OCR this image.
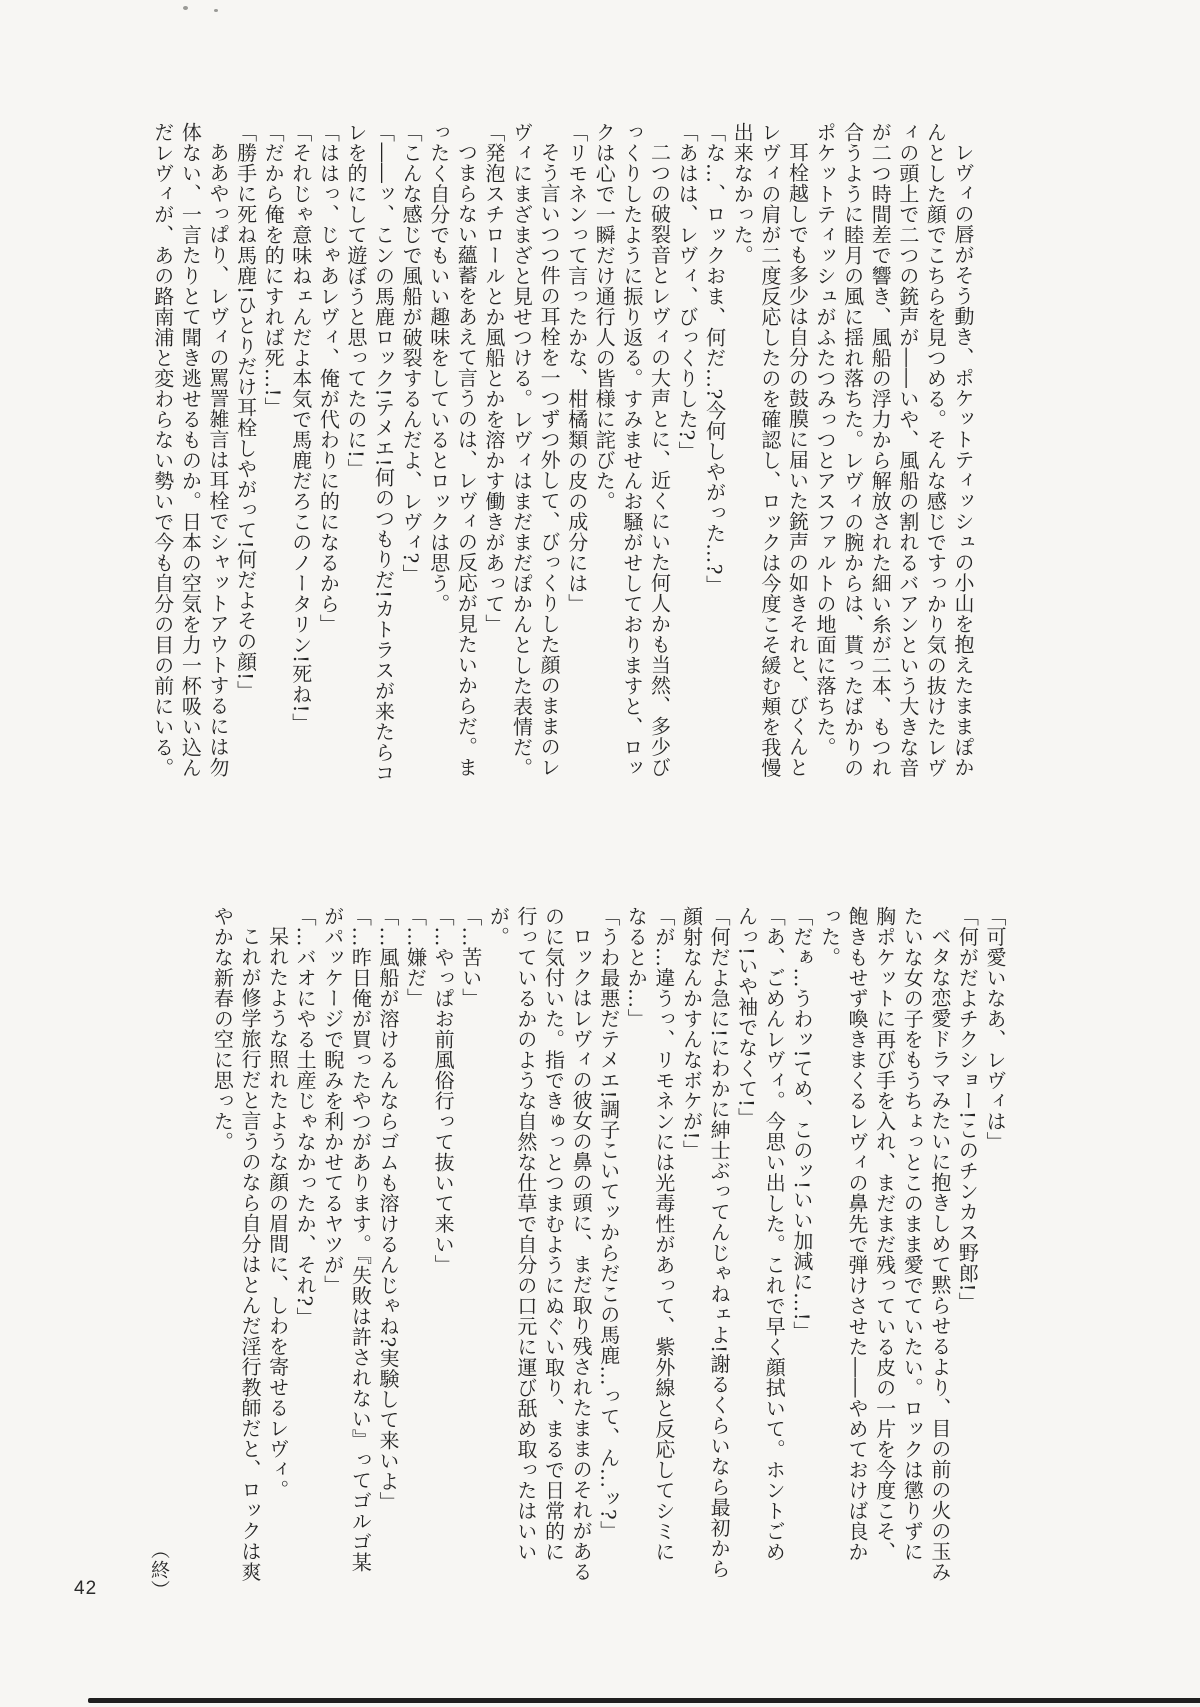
レヴィの唇がそう動き、ポケットティッシュの小山を抱えたままぽかんとした顔でこちらを見つめる。そんな感じですっかり気の抜けたレヴィの頭上で二つの銃声が――いや、風船の割れるバアンという大きな音が二つ時間差で響き、風船の浮力から解放された細い糸が二本、もつれ合うように睦月の風に揺れ落ちた。レヴィの腕からは、貰ったばかりのポケットティッシュがふたつみっつとアスファルトの地面に落ちた。

耳栓越しでも多少は自分の鼓膜に届いた銃声の如きそれと、びくんとレヴィの肩が二度反応したのを確認し、ロックは今度こそ緩む頬を我慢出来なかった。

「な…、ロックおま、何だ…?今何しやがった…?」

「あはは、レヴィ、びっくりした?」

二つの破裂音とレヴィの大声とに、近くにいた何人かも当然、多少びっくりしたように振り返る。すみませんお騒がせしておりますと、ロックは心で一瞬だけ通行人の皆様に詫びた。

「リモネンって言ったかな、柑橘類の皮の成分には」

そう言いつつ件の耳栓を一つずつ外して、びっくりした顔のままのレヴィにまざまざと見せつける。レヴィはまだまだぽかんとした表情だ。

「発泡スチロールとか風船とかを溶かす働きがあって」

つまらない蘊蓄をあえて言うのは、レヴィの反応が見たいからだ。まったく自分でもいい趣味をしているとロックは思う。

「こんな感じで風船が破裂するんだよ、レヴィ?」

「――ッ、こンの馬鹿ロック!テメエ!何のつもりだ!カトラスが来たらコレを的にして遊ぼうと思ってたのに!」

「ははっ、じゃあレヴィ、俺が代わりに的になるから」

「それじゃ意味ねェんだよ本気で馬鹿だろこのノータリン!死ね!」

「だから俺を的にすれば死…!」

「勝手に死ね馬鹿!ひとりだけ耳栓しやがって!何だよその顔!」

ああやっぱり、レヴィの罵詈雑言は耳栓でシャットアウトするには勿体ない、一言たりとて聞き逃せるものか。日本の空気を力一杯吸い込んだレヴィが、あの路南浦と変わらない勢いで今も自分の目の前にいる。

「可愛いなあ、レヴィは」

「何がだよチクショー!このチンカス野郎!」

ベタな恋愛ドラマみたいに抱きしめて黙らせるより、目の前の火の玉みたいな女の子をもうちょっとこのまま愛でていたい。ロックは懲りずに胸ポケットに再び手を入れ、まだまだ残っている皮の一片を今度こそ、飽きもせず喚きまくるレヴィの鼻先で弾けさせた――やめておけば良かった。

「だぁ…うわッ!てめ、このッ!いい加減に…!」

「あ、ごめんレヴィ。今思い出した。これで早く顔拭いて。ホントごめんっ!いや袖でなくて!」

「何だよ急に!にわかに紳士ぶってんじゃねェよ!謝るくらいなら最初から顔射なんかすんなボケが!」

「が…違うっ、リモネンには光毒性があって、紫外線と反応してシミになるとか…」

「うわ最悪だテメエ!調子こいてッからだこの馬鹿…って、ん…ッ?」

ロックはレヴィの彼女の鼻の頭に、まだ取り残されたままのそれがあるのに気付いた。指できゅっとつまむようにぬぐい取り、まるで日常的に行っているかのような自然な仕草で自分の口元に運び舐め取ったはいいが。

「…苦い」

「…やっぱお前風俗行って抜いて来い」

「…嫌だ」

「…風船が溶けるんならゴムも溶けるんじゃね?実験して来いよ」

「…昨日俺が買ったやつがあります。『失敗は許されない』ってゴルゴ某がパッケージで睨みを利かせてるヤツが」

「…バオにやる土産じゃなかったか、それ?」

呆れたような照れたような顔の眉間に、しわを寄せるレヴィ。

これが修学旅行だと言うのなら自分はとんだ淫行教師だと、ロックは爽やかな新春の空に思った。

（終）
42
